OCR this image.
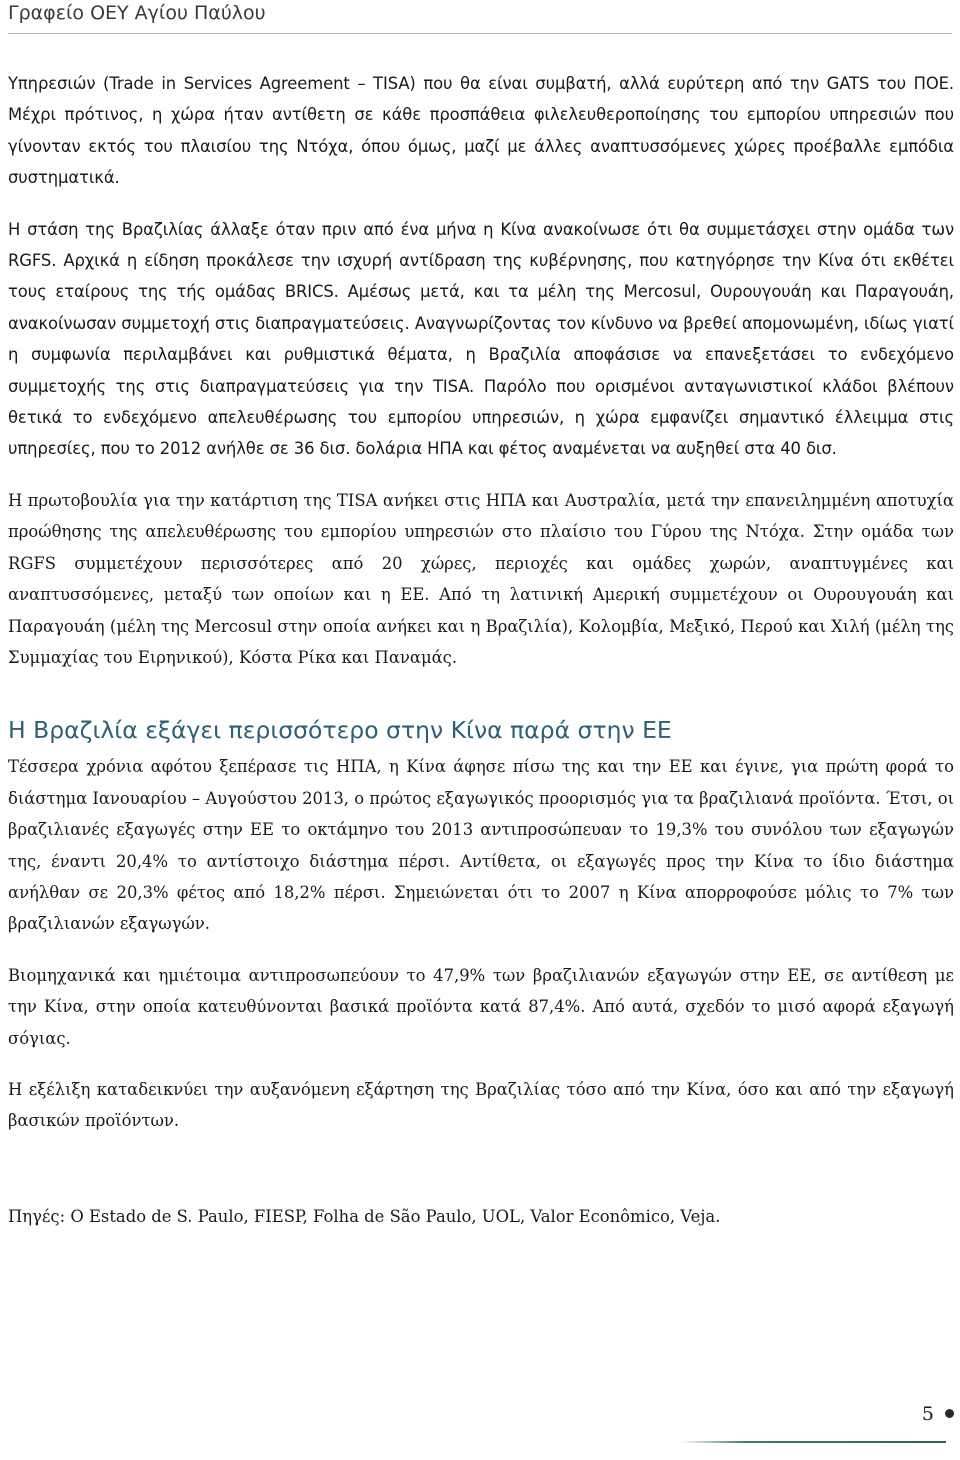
Γραφείο ΟΕΥ Αγίου Παύλου

Υπηρεσιών (Trade in Services Agreement – TISA) που θα είναι συμβατή, αλλά ευρύτερη από την GATS του ΠΟΕ. Μέχρι πρότινος, η χώρα ήταν αντίθετη σε κάθε προσπάθεια φιλελευθεροποίησης του εμπορίου υπηρεσιών που γίνονταν εκτός του πλαισίου της Ντόχα, όπου όμως, μαζί με άλλες αναπτυσσόμενες χώρες προέβαλλε εμπόδια συστηματικά.

Η στάση της Βραζιλίας άλλαξε όταν πριν από ένα μήνα η Κίνα ανακοίνωσε ότι θα συμμετάσχει στην ομάδα των RGFS. Αρχικά η είδηση προκάλεσε την ισχυρή αντίδραση της κυβέρνησης, που κατηγόρησε την Κίνα ότι εκθέτει τους εταίρους της τής ομάδας BRICS. Αμέσως μετά, και τα μέλη της Mercosul, Ουρουγουάη και Παραγουάη, ανακοίνωσαν συμμετοχή στις διαπραγματεύσεις. Αναγνωρίζοντας τον κίνδυνο να βρεθεί απομονωμένη, ιδίως γιατί η συμφωνία περιλαμβάνει και ρυθμιστικά θέματα, η Βραζιλία αποφάσισε να επανεξετάσει το ενδεχόμενο συμμετοχής της στις διαπραγματεύσεις για την TISA. Παρόλο που ορισμένοι ανταγωνιστικοί κλάδοι βλέπουν θετικά το ενδεχόμενο απελευθέρωσης του εμπορίου υπηρεσιών, η χώρα εμφανίζει σημαντικό έλλειμμα στις υπηρεσίες, που το 2012 ανήλθε σε 36 δισ. δολάρια ΗΠΑ και φέτος αναμένεται να αυξηθεί στα 40 δισ.

Η πρωτοβουλία για την κατάρτιση της TISA ανήκει στις ΗΠΑ και Αυστραλία, μετά την επανειλημμένη αποτυχία προώθησης της απελευθέρωσης του εμπορίου υπηρεσιών στο πλαίσιο του Γύρου της Ντόχα. Στην ομάδα των RGFS συμμετέχουν περισσότερες από 20 χώρες, περιοχές και ομάδες χωρών, αναπτυγμένες και αναπτυσσόμενες, μεταξύ των οποίων και η ΕΕ. Από τη λατινική Αμερική συμμετέχουν οι Ουρουγουάη και Παραγουάη (μέλη της Mercosul στην οποία ανήκει και η Βραζιλία), Κολομβία, Μεξικό, Περού και Χιλή (μέλη της Συμμαχίας του Ειρηνικού), Κόστα Ρίκα και Παναμάς.

Η Βραζιλία εξάγει περισσότερο στην Κίνα παρά στην ΕΕ

Τέσσερα χρόνια αφότου ξεπέρασε τις ΗΠΑ, η Κίνα άφησε πίσω της και την ΕΕ και έγινε, για πρώτη φορά το διάστημα Ιανουαρίου – Αυγούστου 2013, ο πρώτος εξαγωγικός προορισμός για τα βραζιλιανά προϊόντα. Έτσι, οι βραζιλιανές εξαγωγές στην ΕΕ το οκτάμηνο του 2013 αντιπροσώπευαν το 19,3% του συνόλου των εξαγωγών της, έναντι 20,4% το αντίστοιχο διάστημα πέρσι. Αντίθετα, οι εξαγωγές προς την Κίνα το ίδιο διάστημα ανήλθαν σε 20,3% φέτος από 18,2% πέρσι. Σημειώνεται ότι το 2007 η Κίνα απορροφούσε μόλις το 7% των βραζιλιανών εξαγωγών.

Βιομηχανικά και ημιέτοιμα αντιπροσωπεύουν το 47,9% των βραζιλιανών εξαγωγών στην ΕΕ, σε αντίθεση με την Κίνα, στην οποία κατευθύνονται βασικά προϊόντα κατά 87,4%. Από αυτά, σχεδόν το μισό αφορά εξαγωγή σόγιας.

Η εξέλιξη καταδεικνύει την αυξανόμενη εξάρτηση της Βραζιλίας τόσο από την Κίνα, όσο και από την εξαγωγή βασικών προϊόντων.

Πηγές: O Estado de S. Paulo, FIESP, Folha de São Paulo, UOL, Valor Econômico, Veja.
5
